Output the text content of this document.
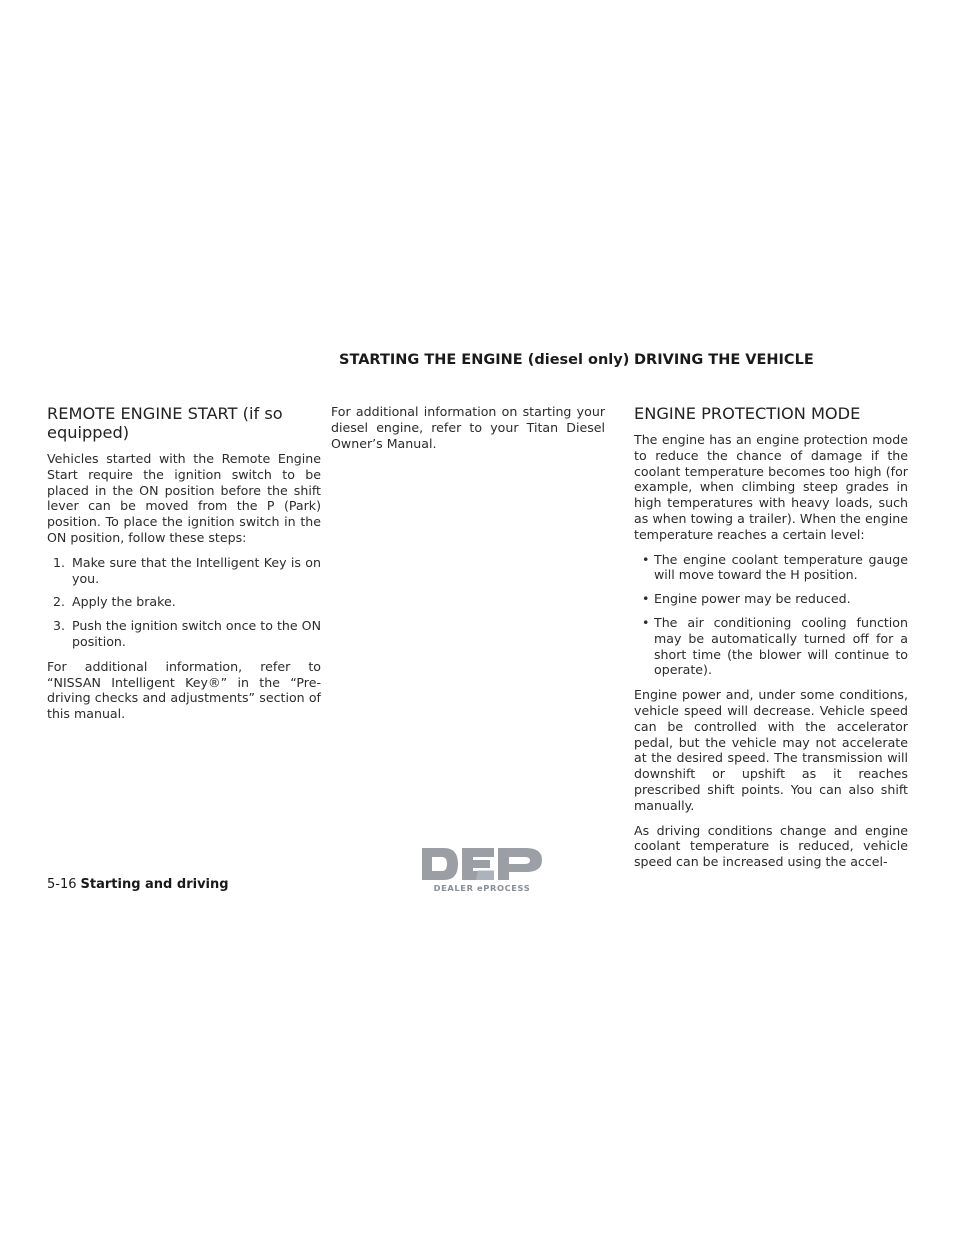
STARTING THE ENGINE (diesel only) DRIVING THE VEHICLE
REMOTE ENGINE START (if so equipped)

Vehicles started with the Remote Engine Start require the ignition switch to be placed in the ON position before the shift lever can be moved from the P (Park) position. To place the ignition switch in the ON position, follow these steps:

1. Make sure that the Intelligent Key is on you.
2. Apply the brake.
3. Push the ignition switch once to the ON position.

For additional information, refer to “NISSAN Intelligent Key®” in the “Pre-driving checks and adjustments” section of this manual.

For additional information on starting your diesel engine, refer to your Titan Diesel Owner’s Manual.

ENGINE PROTECTION MODE

The engine has an engine protection mode to reduce the chance of damage if the coolant temperature becomes too high (for example, when climbing steep grades in high temperatures with heavy loads, such as when towing a trailer). When the engine temperature reaches a certain level:

• The engine coolant temperature gauge will move toward the H position.
• Engine power may be reduced.
• The air conditioning cooling function may be automatically turned off for a short time (the blower will continue to operate).

Engine power and, under some conditions, vehicle speed will decrease. Vehicle speed can be controlled with the accelerator pedal, but the vehicle may not accelerate at the desired speed. The transmission will downshift or upshift as it reaches prescribed shift points. You can also shift manually.

As driving conditions change and engine coolant temperature is reduced, vehicle speed can be increased using the accel-

5-16 Starting and driving	DEALER ePROCESS
